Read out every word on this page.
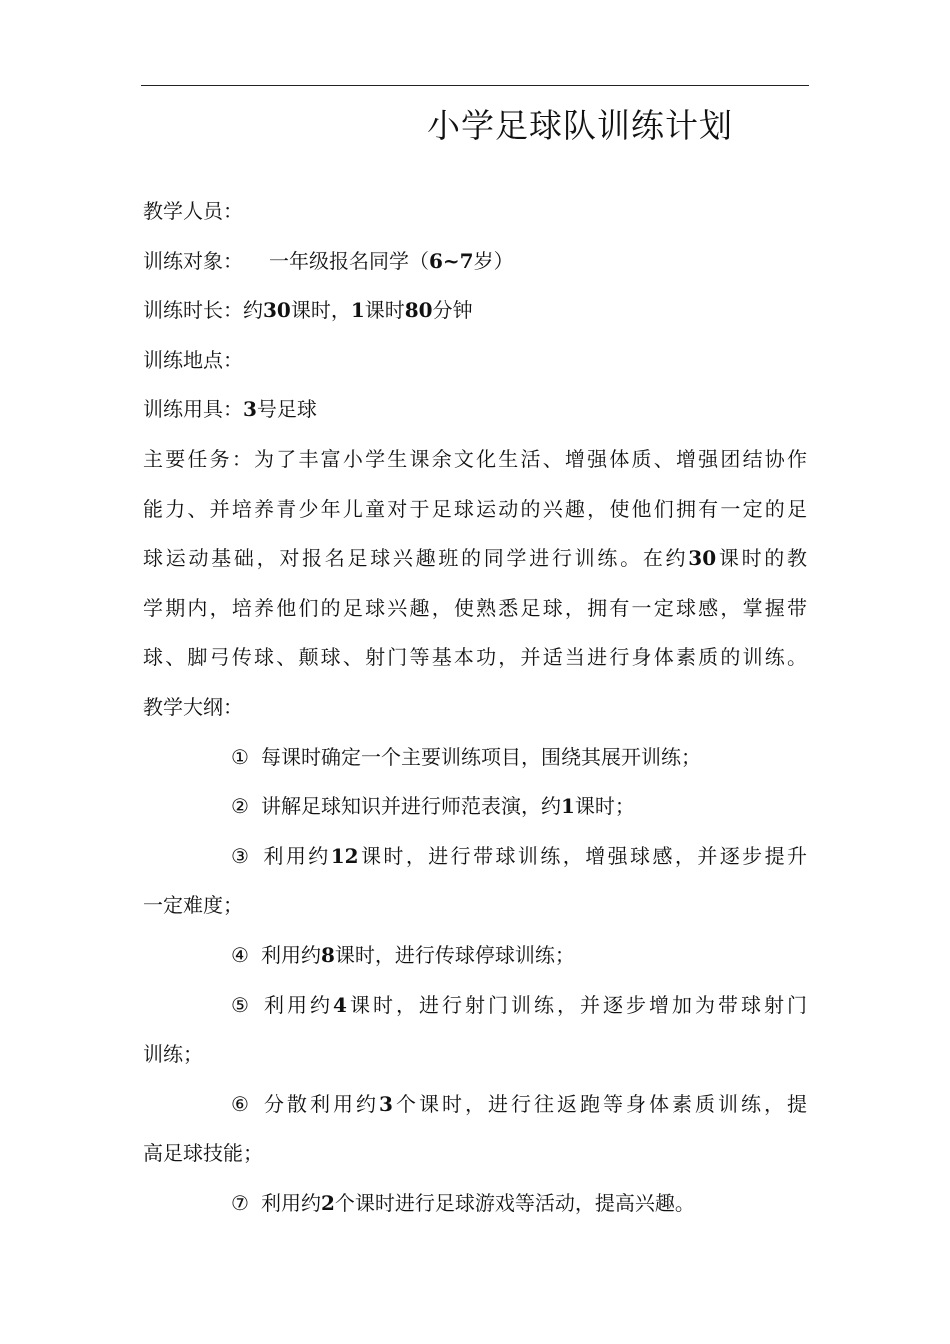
小学足球队训练计划
教学人员：
训练对象： 一年级报名同学（6~7岁）
训练时长：约30课时，1课时80分钟
训练地点：
训练用具：3号足球
主要任务：为了丰富小学生课余文化生活、增强体质、增强团结协作
能力、并培养青少年儿童对于足球运动的兴趣，使他们拥有一定的足
球运动基础，对报名足球兴趣班的同学进行训练。在约30课时的教
学期内，培养他们的足球兴趣，使熟悉足球，拥有一定球感，掌握带
球、脚弓传球、颠球、射门等基本功，并适当进行身体素质的训练。
教学大纲：
① 每课时确定一个主要训练项目，围绕其展开训练；
② 讲解足球知识并进行师范表演，约1课时；
③ 利用约12课时，进行带球训练，增强球感，并逐步提升
一定难度；
④ 利用约8课时，进行传球停球训练；
⑤ 利用约4课时，进行射门训练，并逐步增加为带球射门
训练；
⑥ 分散利用约3个课时，进行往返跑等身体素质训练，提
高足球技能；
⑦ 利用约2个课时进行足球游戏等活动，提高兴趣。
